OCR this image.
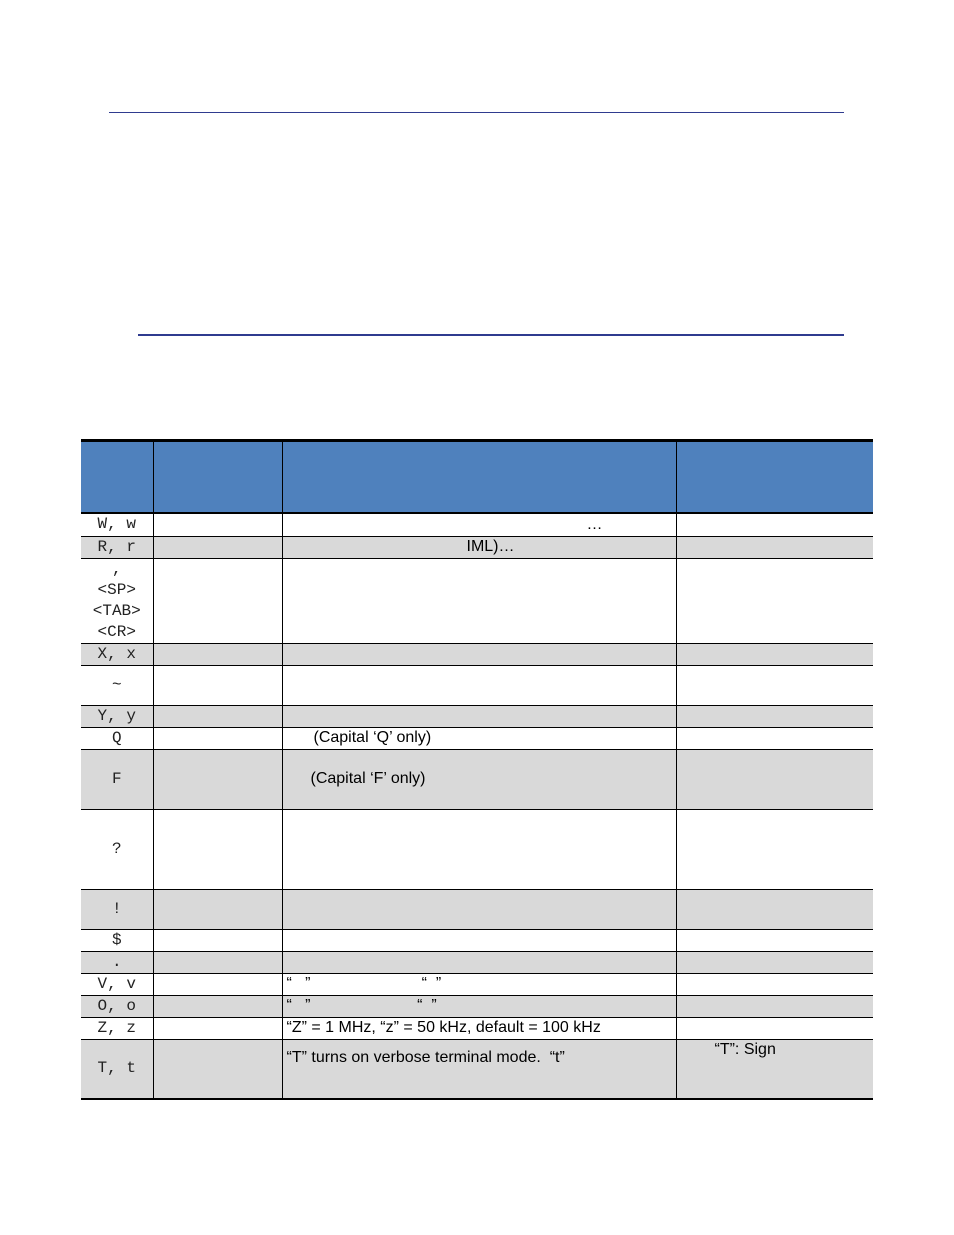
W, w		…	

R, r		IML)…	

,
<SP>
<TAB>
<CR>			

X, x			

~			

Y, y			

Q		(Capital ‘Q’ only)	

F		(Capital ‘F’ only)	

?			

!			

$			

.			

V, v		“   ”                         “  ”	

O, o		“   ”                        “  ”	

Z, z		“Z” = 1 MHz, “z” = 50 kHz, default = 100 kHz	

T, t		“T” turns on verbose terminal mode.  “t”	“T”: Sign
